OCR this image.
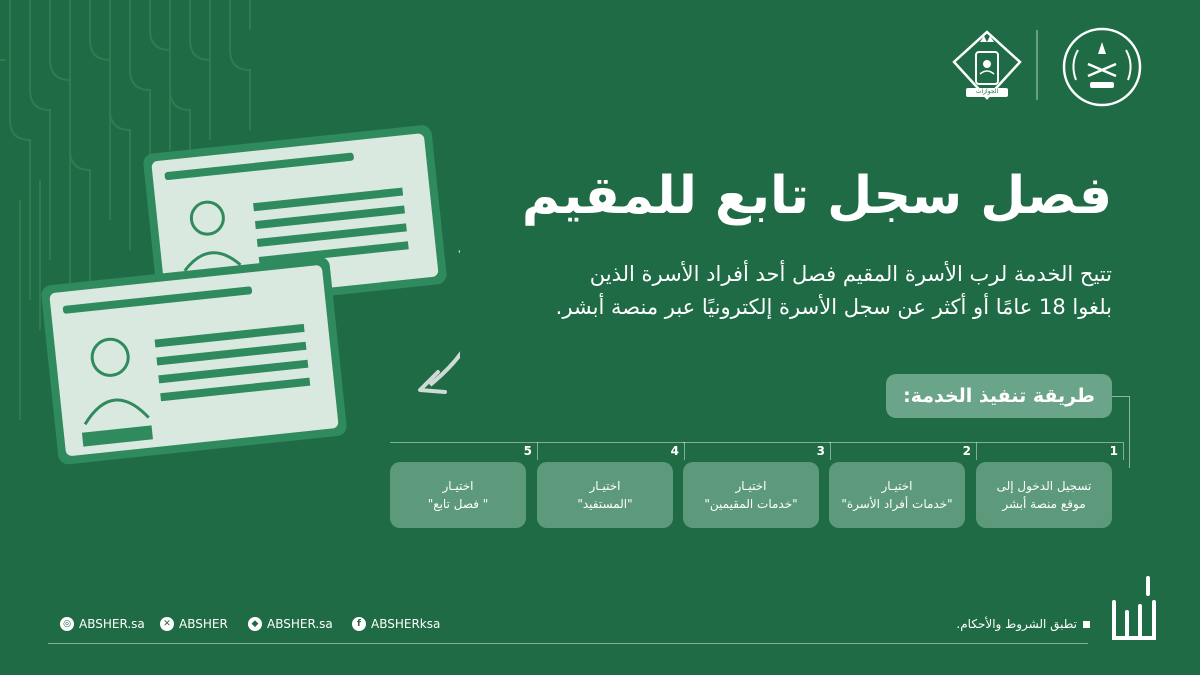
الجوازات
فصل سجل تابع للمقيم
تتيح الخدمة لرب الأسرة المقيم فصل أحد أفراد الأسرة الذين
بلغوا 18 عامًا أو أكثر عن سجل الأسرة إلكترونيًا عبر منصة أبشر.
طريقة تنفيذ الخدمة:
1
تسجيل الدخول إلى
موقع منصة أبشر
2
اختيـار
"خدمات أفراد الأسرة"
3
اختيـار
"خدمات المقيمين"
4
اختيـار
"المستفيد"
5
اختيـار
" فصل تابع"
تطبق الشروط والأحكام.
◎ ABSHER.sa	✕ ABSHER	◆ ABSHER.sa	f ABSHERksa
